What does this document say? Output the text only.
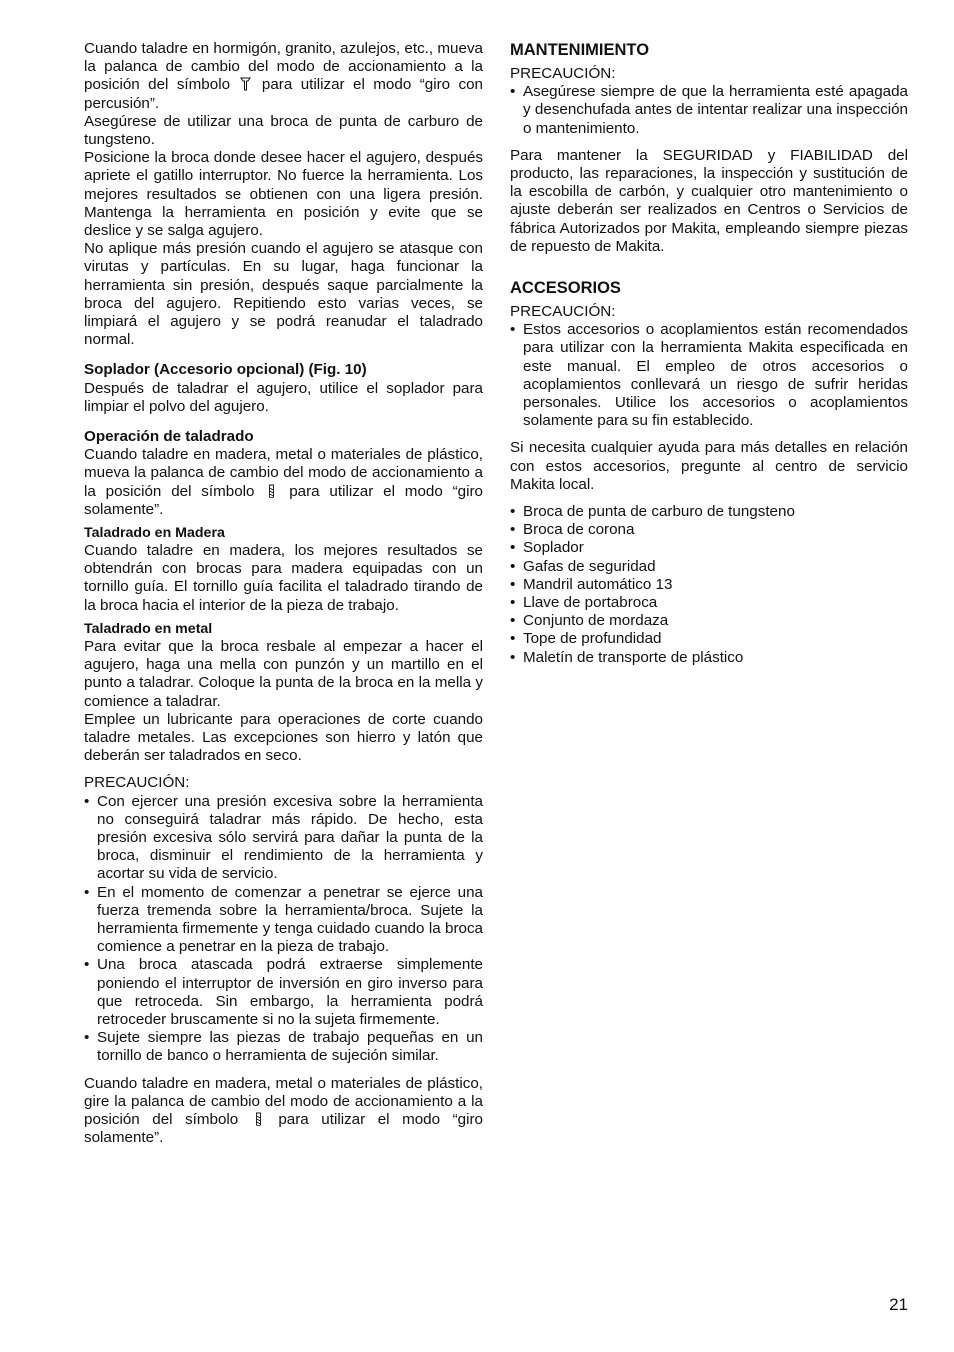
Cuando taladre en hormigón, granito, azulejos, etc., mueva la palanca de cambio del modo de accionamiento a la posición del símbolo para utilizar el modo “giro con percusión”.

Asegúrese de utilizar una broca de punta de carburo de tungsteno.

Posicione la broca donde desee hacer el agujero, después apriete el gatillo interruptor. No fuerce la herramienta. Los mejores resultados se obtienen con una ligera presión. Mantenga la herramienta en posición y evite que se deslice y se salga agujero.

No aplique más presión cuando el agujero se atasque con virutas y partículas. En su lugar, haga funcionar la herramienta sin presión, después saque parcialmente la broca del agujero. Repitiendo esto varias veces, se limpiará el agujero y se podrá reanudar el taladrado normal.

Soplador (Accesorio opcional) (Fig. 10)

Después de taladrar el agujero, utilice el soplador para limpiar el polvo del agujero.

Operación de taladrado

Cuando taladre en madera, metal o materiales de plástico, mueva la palanca de cambio del modo de accionamiento a la posición del símbolo para utilizar el modo “giro solamente”.

Taladrado en Madera

Cuando taladre en madera, los mejores resultados se obtendrán con brocas para madera equipadas con un tornillo guía. El tornillo guía facilita el taladrado tirando de la broca hacia el interior de la pieza de trabajo.

Taladrado en metal

Para evitar que la broca resbale al empezar a hacer el agujero, haga una mella con punzón y un martillo en el punto a taladrar. Coloque la punta de la broca en la mella y comience a taladrar.

Emplee un lubricante para operaciones de corte cuando taladre metales. Las excepciones son hierro y latón que deberán ser taladrados en seco.

PRECAUCIÓN:

• Con ejercer una presión excesiva sobre la herramienta no conseguirá taladrar más rápido. De hecho, esta presión excesiva sólo servirá para dañar la punta de la broca, disminuir el rendimiento de la herramienta y acortar su vida de servicio.
• En el momento de comenzar a penetrar se ejerce una fuerza tremenda sobre la herramienta/broca. Sujete la herramienta firmemente y tenga cuidado cuando la broca comience a penetrar en la pieza de trabajo.
• Una broca atascada podrá extraerse simplemente poniendo el interruptor de inversión en giro inverso para que retroceda. Sin embargo, la herramienta podrá retroceder bruscamente si no la sujeta firmemente.
• Sujete siempre las piezas de trabajo pequeñas en un tornillo de banco o herramienta de sujeción similar.

Cuando taladre en madera, metal o materiales de plástico, gire la palanca de cambio del modo de accionamiento a la posición del símbolo	para utilizar el modo “giro solamente”.

MANTENIMIENTO

PRECAUCIÓN:

• Asegúrese siempre de que la herramienta esté apagada y desenchufada antes de intentar realizar una inspección o mantenimiento.

Para mantener la SEGURIDAD y FIABILIDAD del producto, las reparaciones, la inspección y sustitución de la escobilla de carbón, y cualquier otro mantenimiento o ajuste deberán ser realizados en Centros o Servicios de fábrica Autorizados por Makita, empleando siempre piezas de repuesto de Makita.

ACCESORIOS

PRECAUCIÓN:

• Estos accesorios o acoplamientos están recomendados para utilizar con la herramienta Makita especificada en este manual. El empleo de otros accesorios o acoplamientos conllevará un riesgo de sufrir heridas personales. Utilice los accesorios o acoplamientos solamente para su fin establecido.

Si necesita cualquier ayuda para más detalles en relación con estos accesorios, pregunte al centro de servicio Makita local.

• Broca de punta de carburo de tungsteno
• Broca de corona
• Soplador
• Gafas de seguridad
• Mandril automático 13
• Llave de portabroca
• Conjunto de mordaza
• Tope de profundidad
• Maletín de transporte de plástico
21
